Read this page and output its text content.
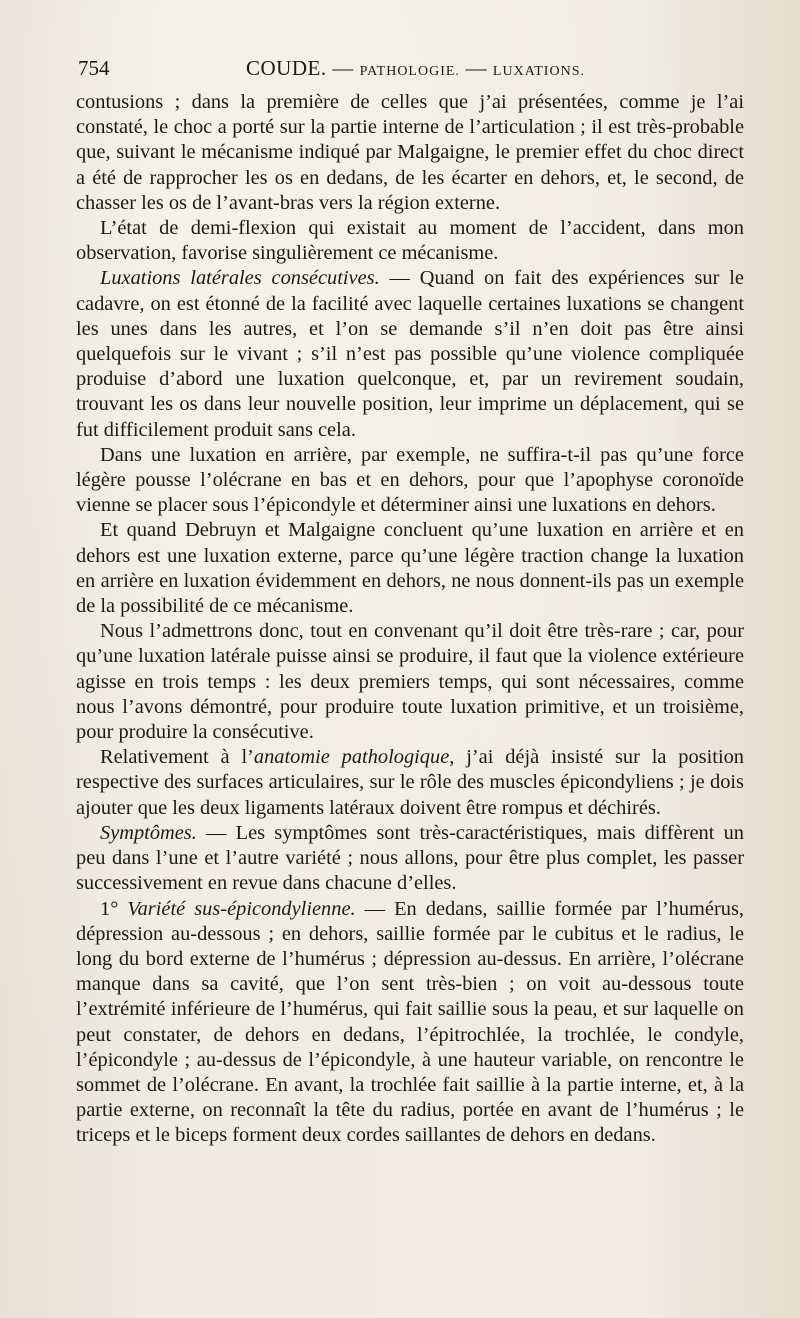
754	COUDE. — PATHOLOGIE. — LUXATIONS.

contusions ; dans la première de celles que j’ai présentées, comme je l’ai constaté, le choc a porté sur la partie interne de l’articulation ; il est très-probable que, suivant le mécanisme indiqué par Malgaigne, le premier effet du choc direct a été de rapprocher les os en dedans, de les écarter en dehors, et, le second, de chasser les os de l’avant-bras vers la région externe.

L’état de demi-flexion qui existait au moment de l’accident, dans mon observation, favorise singulièrement ce mécanisme.

Luxations latérales consécutives. — Quand on fait des expériences sur le cadavre, on est étonné de la facilité avec laquelle certaines luxations se changent les unes dans les autres, et l’on se demande s’il n’en doit pas être ainsi quelquefois sur le vivant ; s’il n’est pas possible qu’une violence compliquée produise d’abord une luxation quelconque, et, par un revirement soudain, trouvant les os dans leur nouvelle position, leur imprime un déplacement, qui se fut difficilement produit sans cela.

Dans une luxation en arrière, par exemple, ne suffira-t-il pas qu’une force légère pousse l’olécrane en bas et en dehors, pour que l’apophyse coronoïde vienne se placer sous l’épicondyle et déterminer ainsi une luxations en dehors.

Et quand Debruyn et Malgaigne concluent qu’une luxation en arrière et en dehors est une luxation externe, parce qu’une légère traction change la luxation en arrière en luxation évidemment en dehors, ne nous donnent-ils pas un exemple de la possibilité de ce mécanisme.

Nous l’admettrons donc, tout en convenant qu’il doit être très-rare ; car, pour qu’une luxation latérale puisse ainsi se produire, il faut que la violence extérieure agisse en trois temps : les deux premiers temps, qui sont nécessaires, comme nous l’avons démontré, pour produire toute luxation primitive, et un troisième, pour produire la consécutive.

Relativement à l’anatomie pathologique, j’ai déjà insisté sur la position respective des surfaces articulaires, sur le rôle des muscles épicondyliens ; je dois ajouter que les deux ligaments latéraux doivent être rompus et déchirés.

Symptômes. — Les symptômes sont très-caractéristiques, mais diffèrent un peu dans l’une et l’autre variété ; nous allons, pour être plus complet, les passer successivement en revue dans chacune d’elles.

1° Variété sus-épicondylienne. — En dedans, saillie formée par l’humérus, dépression au-dessous ; en dehors, saillie formée par le cubitus et le radius, le long du bord externe de l’humérus ; dépression au-dessus. En arrière, l’olécrane manque dans sa cavité, que l’on sent très-bien ; on voit au-dessous toute l’extrémité inférieure de l’humérus, qui fait saillie sous la peau, et sur laquelle on peut constater, de dehors en dedans, l’épitrochlée, la trochlée, le condyle, l’épicondyle ; au-dessus de l’épicondyle, à une hauteur variable, on rencontre le sommet de l’olécrane. En avant, la trochlée fait saillie à la partie interne, et, à la partie externe, on reconnaît la tête du radius, portée en avant de l’humérus ; le triceps et le biceps forment deux cordes saillantes de dehors en dedans.
